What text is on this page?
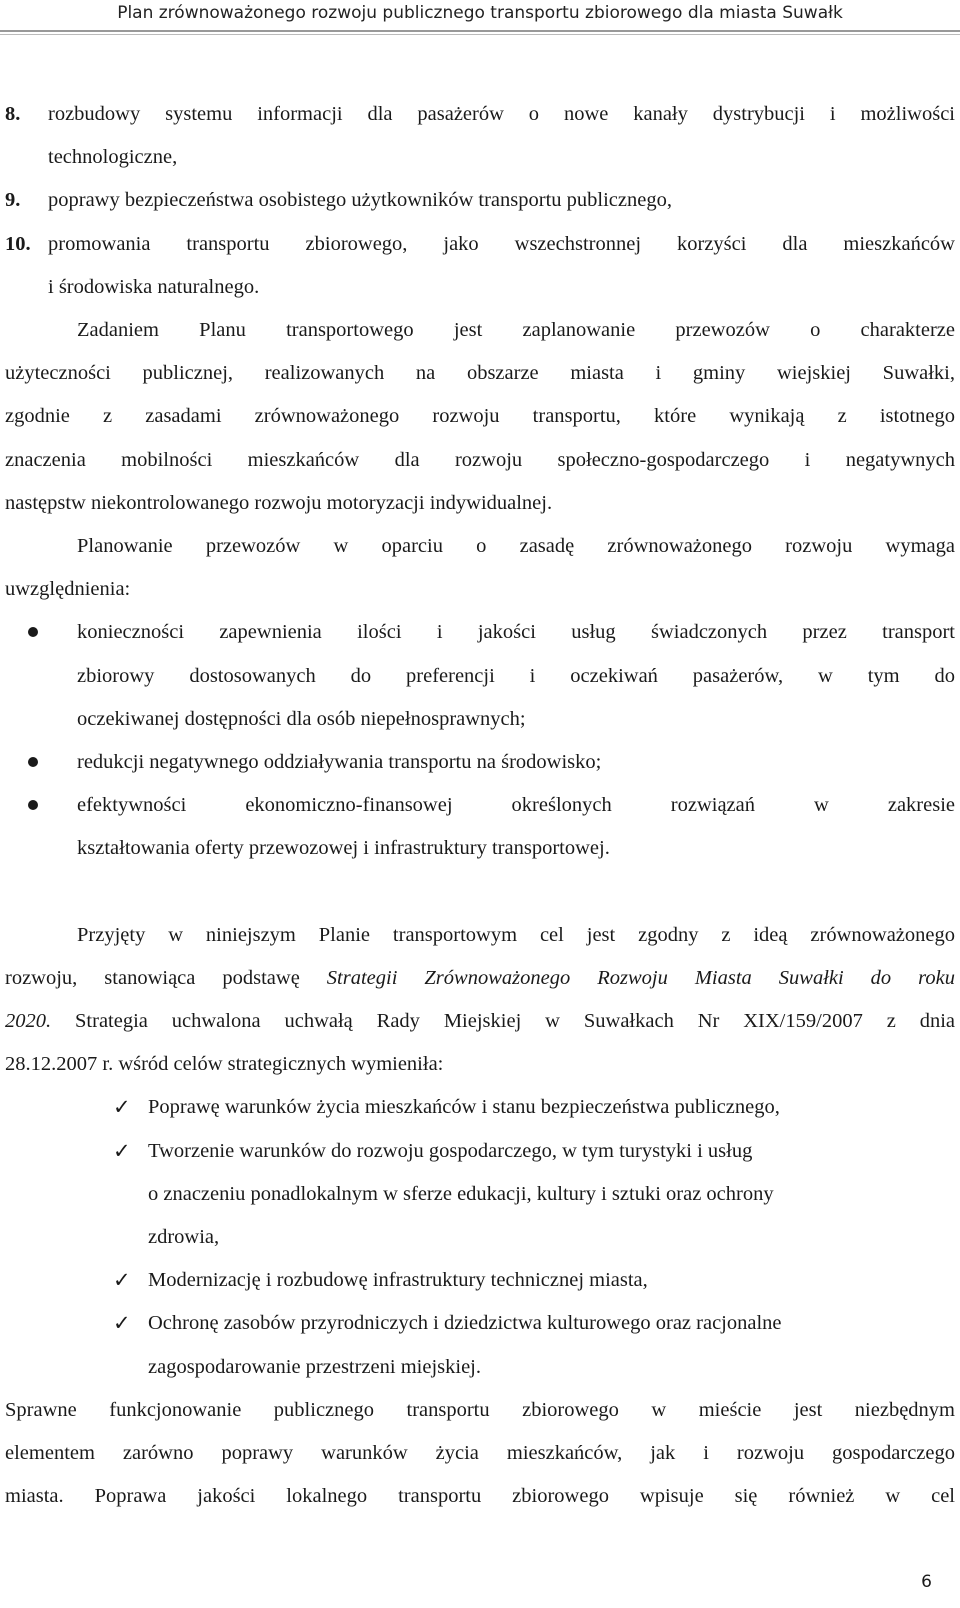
Plan zrównoważonego rozwoju publicznego transportu zbiorowego dla miasta Suwałk
8. rozbudowy systemu informacji dla pasażerów o nowe kanały dystrybucji i możliwości

technologiczne,

9. poprawy bezpieczeństwa osobistego użytkowników transportu publicznego,

10. promowania transportu zbiorowego, jako wszechstronnej korzyści dla mieszkańców

i środowiska naturalnego.

Zadaniem Planu transportowego jest zaplanowanie przewozów o charakterze

użyteczności publicznej, realizowanych na obszarze miasta i gminy wiejskiej Suwałki,

zgodnie z zasadami zrównoważonego rozwoju transportu, które wynikają z istotnego

znaczenia mobilności mieszkańców dla rozwoju społeczno-gospodarczego i negatywnych

następstw niekontrolowanego rozwoju motoryzacji indywidualnej.

Planowanie przewozów w oparciu o zasadę zrównoważonego rozwoju wymaga

uwzględnienia:

konieczności zapewnienia ilości i jakości usług świadczonych przez transport

zbiorowy dostosowanych do preferencji i oczekiwań pasażerów, w tym do

oczekiwanej dostępności dla osób niepełnosprawnych;

redukcji negatywnego oddziaływania transportu na środowisko;

efektywności ekonomiczno-finansowej określonych rozwiązań w zakresie

kształtowania oferty przewozowej i infrastruktury transportowej.

Przyjęty w niniejszym Planie transportowym cel jest zgodny z ideą zrównoważonego

rozwoju, stanowiąca podstawę Strategii Zrównoważonego Rozwoju Miasta Suwałki do roku

2020. Strategia uchwalona uchwałą Rady Miejskiej w Suwałkach Nr XIX/159/2007 z dnia

28.12.2007 r. wśród celów strategicznych wymieniła:

✓ Poprawę warunków życia mieszkańców i stanu bezpieczeństwa publicznego,

✓ Tworzenie warunków do rozwoju gospodarczego, w tym turystyki i usług

o znaczeniu ponadlokalnym w sferze edukacji, kultury i sztuki oraz ochrony

zdrowia,

✓ Modernizację i rozbudowę infrastruktury technicznej miasta,

✓ Ochronę zasobów przyrodniczych i dziedzictwa kulturowego oraz racjonalne

zagospodarowanie przestrzeni miejskiej.

Sprawne funkcjonowanie publicznego transportu zbiorowego w mieście jest niezbędnym

elementem zarówno poprawy warunków życia mieszkańców, jak i rozwoju gospodarczego

miasta. Poprawa jakości lokalnego transportu zbiorowego wpisuje się również w cel

6
